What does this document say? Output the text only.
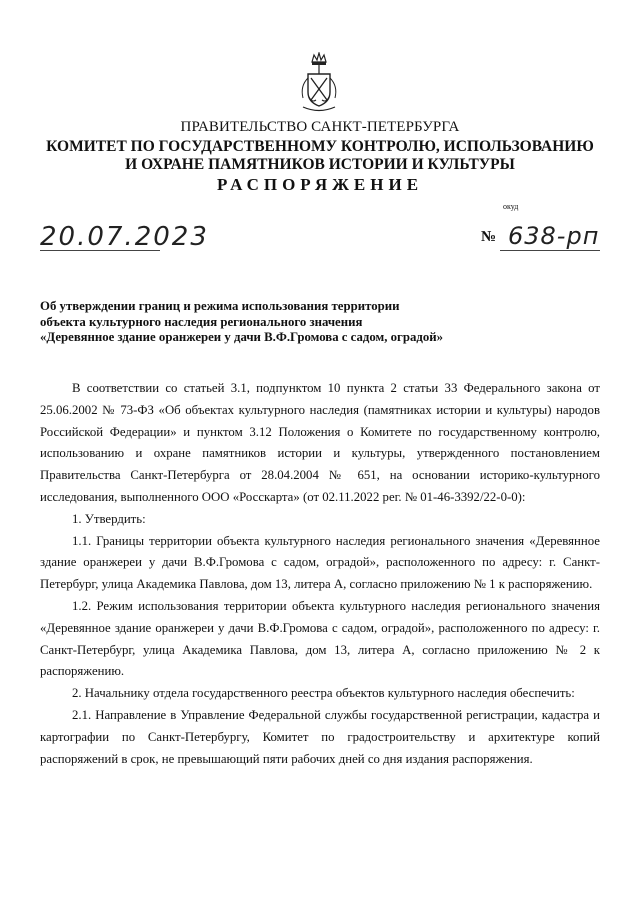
ПРАВИТЕЛЬСТВО САНКТ-ПЕТЕРБУРГА
КОМИТЕТ ПО ГОСУДАРСТВЕННОМУ КОНТРОЛЮ, ИСПОЛЬЗОВАНИЮ
И ОХРАНЕ ПАМЯТНИКОВ ИСТОРИИ И КУЛЬТУРЫ
РАСПОРЯЖЕНИЕ
окуд
20.07.2023	№ 638-рп
Об утверждении границ и режима использования территории
объекта культурного наследия регионального значения
«Деревянное здание оранжереи у дачи В.Ф.Громова с садом, оградой»

В соответствии со статьей 3.1, подпунктом 10 пункта 2 статьи 33 Федерального закона от 25.06.2002 № 73-ФЗ «Об объектах культурного наследия (памятниках истории и культуры) народов Российской Федерации» и пунктом 3.12 Положения о Комитете по государственному контролю, использованию и охране памятников истории и культуры, утвержденного постановлением Правительства Санкт-Петербурга от 28.04.2004 № 651, на основании историко-культурного исследования, выполненного ООО «Росскарта» (от 02.11.2022 рег. № 01-46-3392/22-0-0):

1. Утвердить:

1.1. Границы территории объекта культурного наследия регионального значения «Деревянное здание оранжереи у дачи В.Ф.Громова с садом, оградой», расположенного по адресу: г. Санкт-Петербург, улица Академика Павлова, дом 13, литера А, согласно приложению № 1 к распоряжению.

1.2. Режим использования территории объекта культурного наследия регионального значения «Деревянное здание оранжереи у дачи В.Ф.Громова с садом, оградой», расположенного по адресу: г. Санкт-Петербург, улица Академика Павлова, дом 13, литера А, согласно приложению № 2 к распоряжению.

2. Начальнику отдела государственного реестра объектов культурного наследия обеспечить:

2.1. Направление в Управление Федеральной службы государственной регистрации, кадастра и картографии по Санкт-Петербургу, Комитет по градостроительству и архитектуре копий распоряжений в срок, не превышающий пяти рабочих дней со дня издания распоряжения.
